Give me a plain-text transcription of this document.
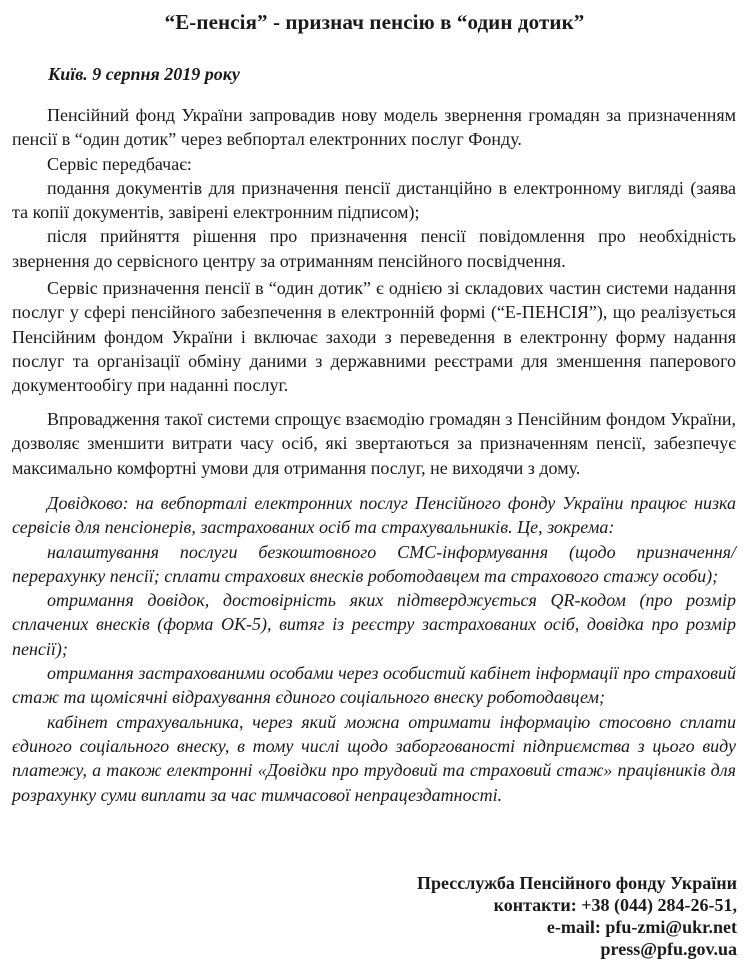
“Е-пенсія” - признач пенсію в “один дотик”
Київ. 9 серпня 2019 року

Пенсійний фонд України запровадив нову модель звернення громадян за призначенням пенсії в “один дотик” через вебпортал електронних послуг Фонду.

Сервіс передбачає:

подання документів для призначення пенсії дистанційно в електронному вигляді (заява та копії документів, завірені електронним підписом);

після прийняття рішення про призначення пенсії повідомлення про необхідність звернення до сервісного центру за отриманням пенсійного посвідчення.

Сервіс призначення пенсії в “один дотик” є однією зі складових частин системи надання послуг у сфері пенсійного забезпечення в електронній формі (“Е-ПЕНСІЯ”), що реалізується Пенсійним фондом України і включає заходи з переведення в електронну форму надання послуг та організації обміну даними з державними реєстрами для зменшення паперового документообігу при наданні послуг.

Впровадження такої системи спрощує взаємодію громадян з Пенсійним фондом України, дозволяє зменшити витрати часу осіб, які звертаються за призначенням пенсії, забезпечує максимально комфортні умови для отримання послуг, не виходячи з дому.

Довідково: на вебпорталі електронних послуг Пенсійного фонду України працює низка сервісів для пенсіонерів, застрахованих осіб та страхувальників. Це, зокрема:

налаштування послуги безкоштовного СМС-інформування (щодо призначення/перерахунку пенсії; сплати страхових внесків роботодавцем та страхового стажу особи);

отримання довідок, достовірність яких підтверджується QR-кодом (про розмір сплачених внесків (форма ОК-5), витяг із реєстру застрахованих осіб, довідка про розмір пенсії);

отримання застрахованими особами через особистий кабінет інформації про страховий стаж та щомісячні відрахування єдиного соціального внеску роботодавцем;

кабінет страхувальника, через який можна отримати інформацію стосовно сплати єдиного соціального внеску, в тому числі щодо заборгованості підприємства з цього виду платежу, а також електронні «Довідки про трудовий та страховий стаж» працівників для розрахунку суми виплати за час тимчасової непрацездатності.

Пресслужба Пенсійного фонду України
контакти: +38 (044) 284-26-51,
e-mail: pfu-zmi@ukr.net
press@pfu.gov.ua
